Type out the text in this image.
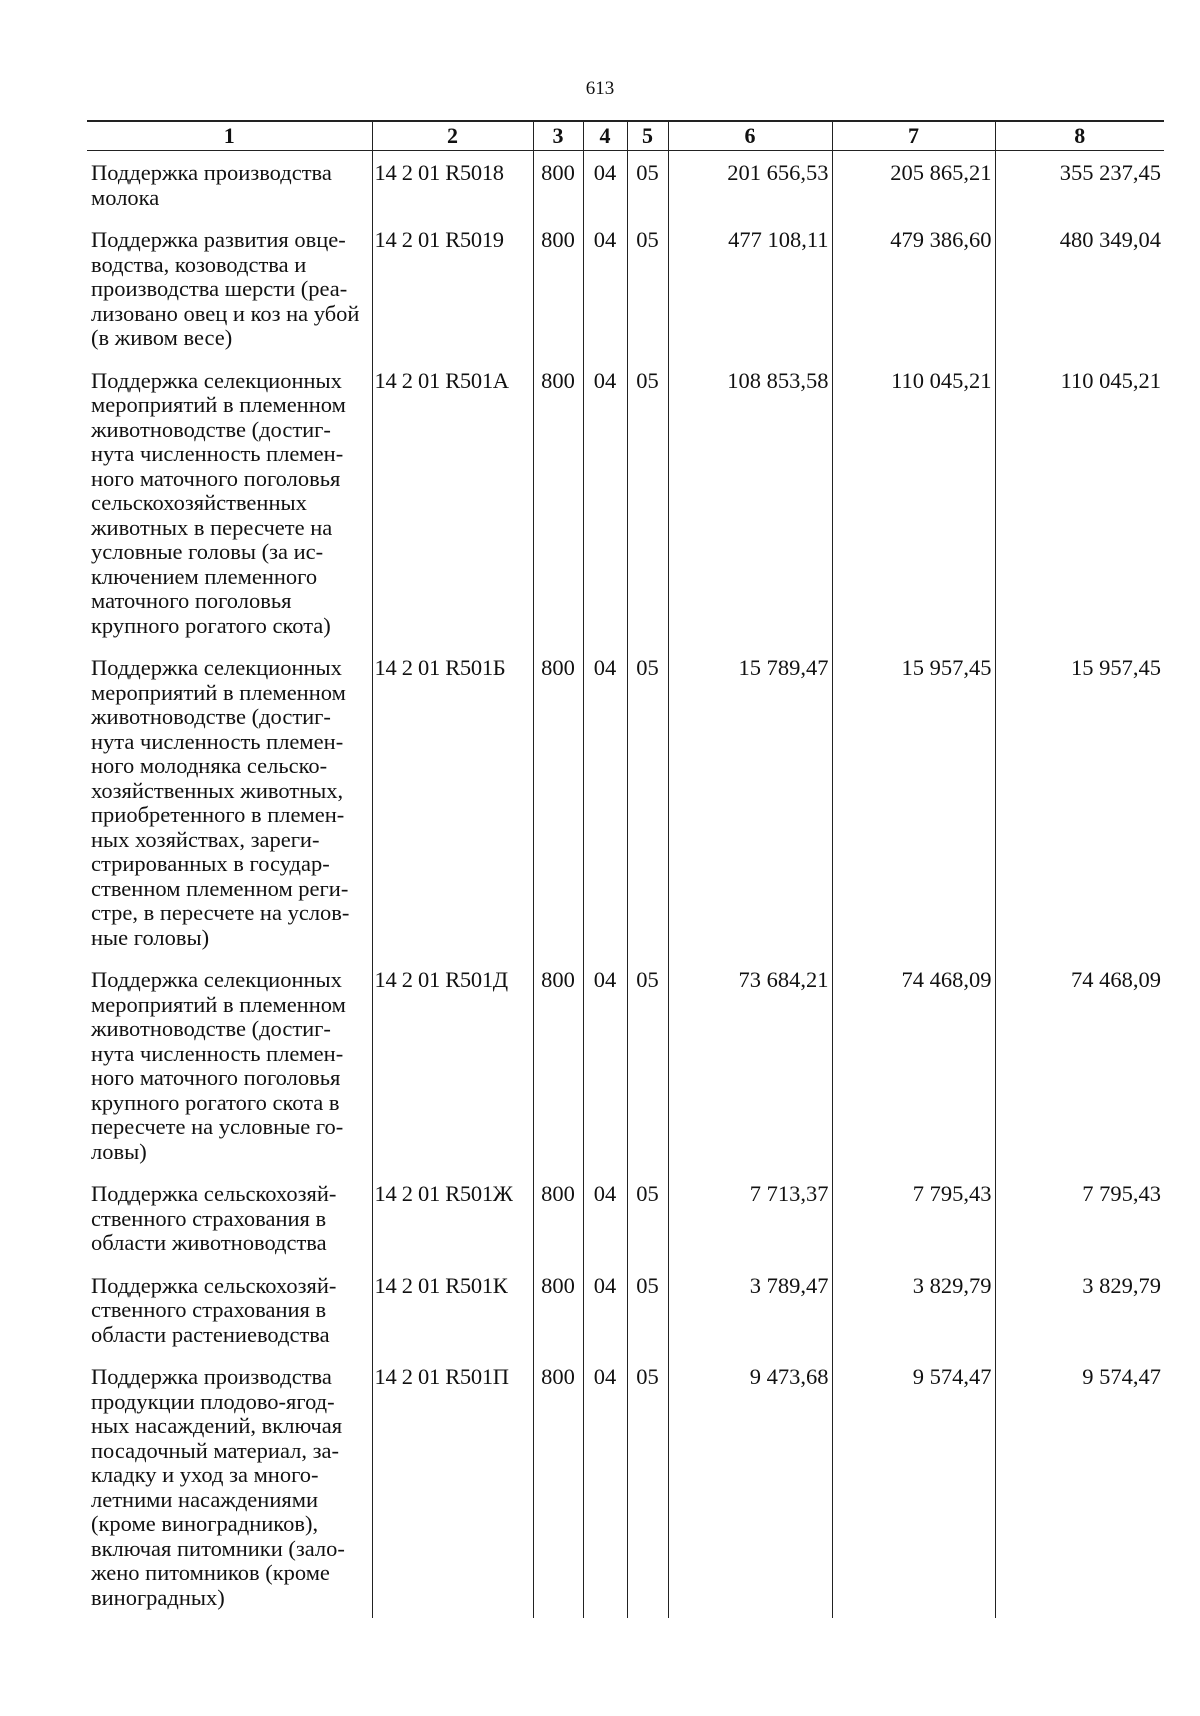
613
1	2	3	4	5	6	7	8
Поддержка производства молока	14 2 01 R5018	800	04	05	201 656,53	205 865,21	355 237,45
Поддержка развития овце-водства, козоводства и производства шерсти (реа-лизовано овец и коз на убой (в живом весе)	14 2 01 R5019	800	04	05	477 108,11	479 386,60	480 349,04
Поддержка селекционных мероприятий в племенном животноводстве (достиг-нута численность племен-ного маточного поголовья сельскохозяйственных животных в пересчете на условные головы (за ис-ключением племенного маточного поголовья крупного рогатого скота)	14 2 01 R501А	800	04	05	108 853,58	110 045,21	110 045,21
Поддержка селекционных мероприятий в племенном животноводстве (достиг-нута численность племен-ного молодняка сельско-хозяйственных животных, приобретенного в племен-ных хозяйствах, зареги-стрированных в государ-ственном племенном реги-стре, в пересчете на услов-ные головы)	14 2 01 R501Б	800	04	05	15 789,47	15 957,45	15 957,45
Поддержка селекционных мероприятий в племенном животноводстве (достиг-нута численность племен-ного маточного поголовья крупного рогатого скота в пересчете на условные го-ловы)	14 2 01 R501Д	800	04	05	73 684,21	74 468,09	74 468,09
Поддержка сельскохозяй-ственного страхования в области животноводства	14 2 01 R501Ж	800	04	05	7 713,37	7 795,43	7 795,43
Поддержка сельскохозяй-ственного страхования в области растениеводства	14 2 01 R501К	800	04	05	3 789,47	3 829,79	3 829,79
Поддержка производства продукции плодово-ягод-ных насаждений, включая посадочный материал, за-кладку и уход за много-летними насаждениями (кроме виноградников), включая питомники (зало-жено питомников (кроме виноградных)	14 2 01 R501П	800	04	05	9 473,68	9 574,47	9 574,47
